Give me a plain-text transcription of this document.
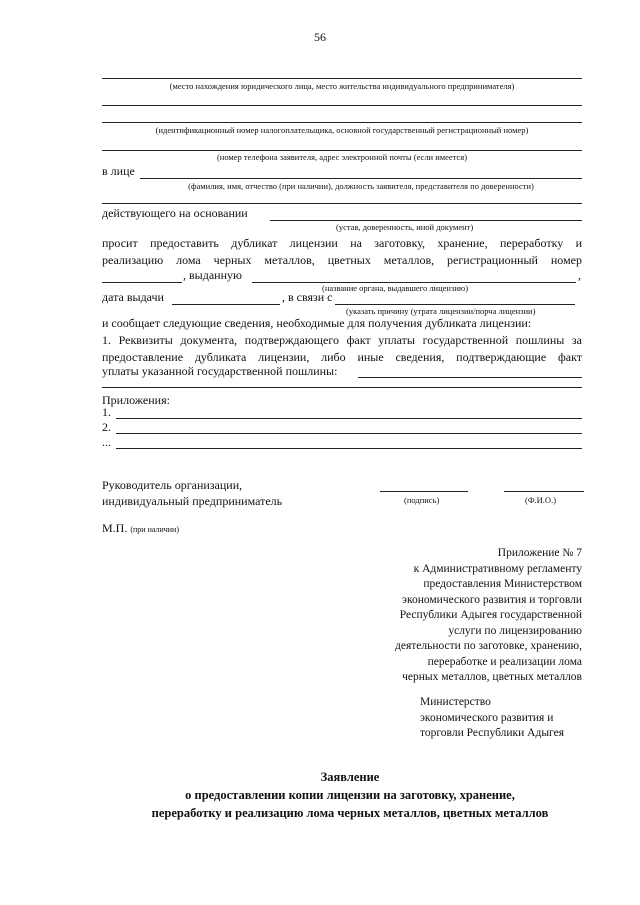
56
(место нахождения юридического лица, место жительства индивидуального предпринимателя)
(идентификационный номер налогоплательщика, основной государственный регистрационный номер)
(номер телефона заявителя, адрес электронной почты (если имеется)
в лице
(фамилия, имя, отчество (при наличии), должность заявителя, представителя по доверенности)
действующего на основании
(устав, доверенность, иной документ)
просит предоставить дубликат лицензии на заготовку, хранение, переработку и
реализацию лома черных металлов, цветных металлов, регистрационный номер
, выданную	,
(название органа, выдавшего лицензию)
дата выдачи	, в связи с
(указать причину (утрата лицензии/порча лицензии)
и сообщает следующие сведения, необходимые для получения дубликата лицензии:
1. Реквизиты документа, подтверждающего факт уплаты государственной пошлины за
предоставление дубликата лицензии, либо иные сведения, подтверждающие факт
уплаты указанной государственной пошлины:
Приложения:
1.
2.
...
Руководитель организации,
индивидуальный предприниматель	(подпись)	(Ф.И.О.)
М.П. (при наличии)
Приложение № 7
к Административному регламенту
предоставления Министерством
экономического развития и торговли
Республики Адыгея государственной
услуги по лицензированию
деятельности по заготовке, хранению,
переработке и реализации лома
черных металлов, цветных металлов
Министерство
экономического развития и
торговли Республики Адыгея
Заявление
о предоставлении копии лицензии на заготовку, хранение,
переработку и реализацию лома черных металлов, цветных металлов
